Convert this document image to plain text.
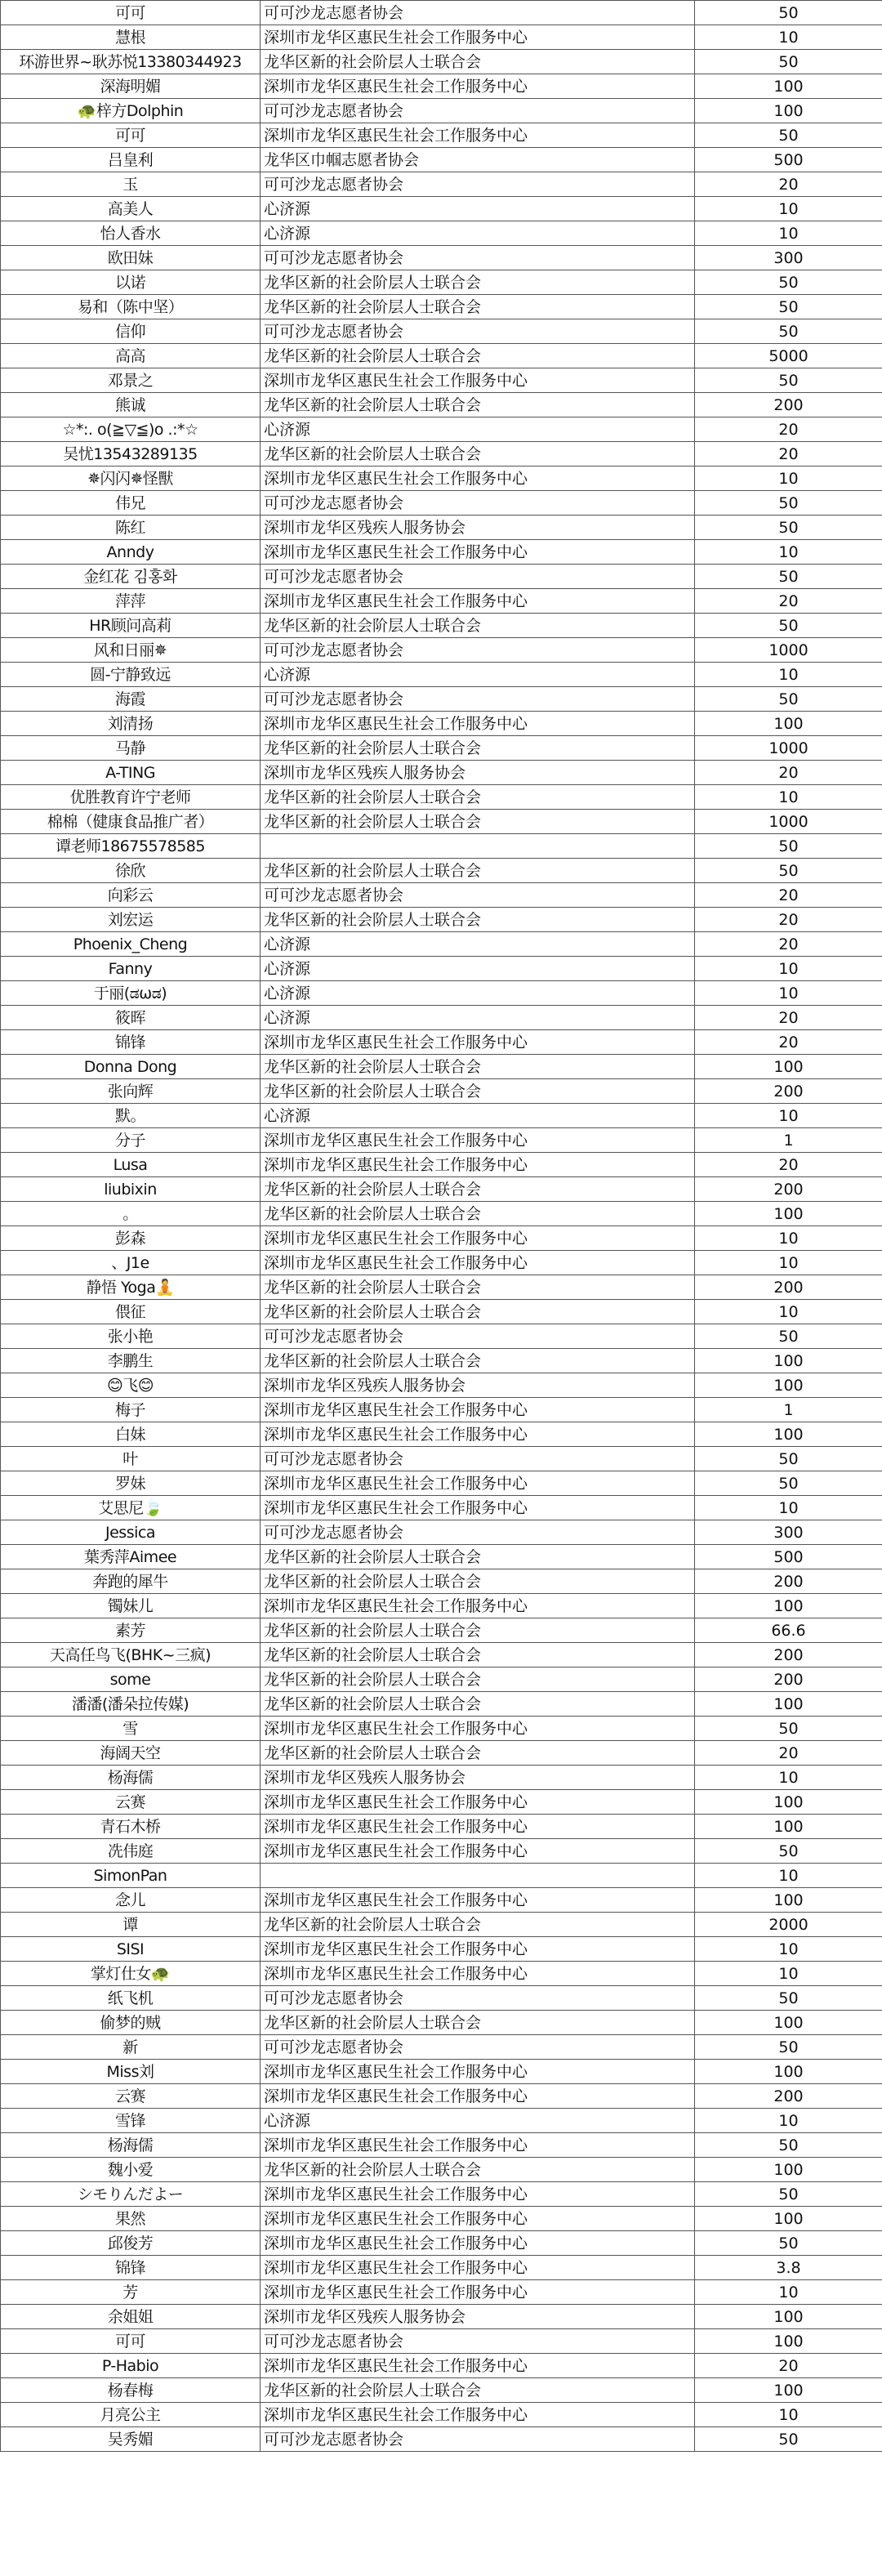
可可	可可沙龙志愿者协会	50
慧根	深圳市龙华区惠民生社会工作服务中心	10
环游世界~耿苏悦13380344923	龙华区新的社会阶层人士联合会	50
深海明媚	深圳市龙华区惠民生社会工作服务中心	100
🐢梓方Dolphin	可可沙龙志愿者协会	100
可可	深圳市龙华区惠民生社会工作服务中心	50
吕皇利	龙华区巾帼志愿者协会	500
玉	可可沙龙志愿者协会	20
高美人	心济源	10
怡人香水	心济源	10
欧田妹	可可沙龙志愿者协会	300
以诺	龙华区新的社会阶层人士联合会	50
易和（陈中坚）	龙华区新的社会阶层人士联合会	50
信仰	可可沙龙志愿者协会	50
高高	龙华区新的社会阶层人士联合会	5000
邓景之	深圳市龙华区惠民生社会工作服务中心	50
熊诚	龙华区新的社会阶层人士联合会	200
☆*:. o(≧▽≦)o .:*☆	心济源	20
吴忧13543289135	龙华区新的社会阶层人士联合会	20
✵闪闪✵怪獸	深圳市龙华区惠民生社会工作服务中心	10
伟兄	可可沙龙志愿者协会	50
陈红	深圳市龙华区残疾人服务协会	50
Anndy	深圳市龙华区惠民生社会工作服务中心	10
金红花 김홍화	可可沙龙志愿者协会	50
萍萍	深圳市龙华区惠民生社会工作服务中心	20
HR顾问高莉	龙华区新的社会阶层人士联合会	50
风和日丽✵	可可沙龙志愿者协会	1000
圆-宁静致远	心济源	10
海霞	可可沙龙志愿者协会	50
刘清扬	深圳市龙华区惠民生社会工作服务中心	100
马静	龙华区新的社会阶层人士联合会	1000
A-TING	深圳市龙华区残疾人服务协会	20
优胜教育许宁老师	龙华区新的社会阶层人士联合会	10
棉棉（健康食品推广者）	龙华区新的社会阶层人士联合会	1000
谭老师18675578585		50
徐欣	龙华区新的社会阶层人士联合会	50
向彩云	可可沙龙志愿者协会	20
刘宏运	龙华区新的社会阶层人士联合会	20
Phoenix_Cheng	心济源	20
Fanny	心济源	10
于丽(ಡωಡ)	心济源	10
筱晖	心济源	20
锦锋	深圳市龙华区惠民生社会工作服务中心	20
Donna Dong	龙华区新的社会阶层人士联合会	100
张向辉	龙华区新的社会阶层人士联合会	200
默。	心济源	10
分子	深圳市龙华区惠民生社会工作服务中心	1
Lusa	深圳市龙华区惠民生社会工作服务中心	20
liubixin	龙华区新的社会阶层人士联合会	200
。	龙华区新的社会阶层人士联合会	100
彭森	深圳市龙华区惠民生社会工作服务中心	10
、J1e	深圳市龙华区惠民生社会工作服务中心	10
静悟 Yoga🧘	龙华区新的社会阶层人士联合会	200
偎征	龙华区新的社会阶层人士联合会	10
张小艳	可可沙龙志愿者协会	50
李鹏生	龙华区新的社会阶层人士联合会	100
😊飞😊	深圳市龙华区残疾人服务协会	100
梅子	深圳市龙华区惠民生社会工作服务中心	1
白妹	深圳市龙华区惠民生社会工作服务中心	100
叶	可可沙龙志愿者协会	50
罗妹	深圳市龙华区惠民生社会工作服务中心	50
艾思尼🍃	深圳市龙华区惠民生社会工作服务中心	10
Jessica	可可沙龙志愿者协会	300
葉秀萍Aimee	龙华区新的社会阶层人士联合会	500
奔跑的犀牛	龙华区新的社会阶层人士联合会	200
镯妹儿	深圳市龙华区惠民生社会工作服务中心	100
素芳	龙华区新的社会阶层人士联合会	66.6
天高任鸟飞(BHK~三疯)	龙华区新的社会阶层人士联合会	200
some	龙华区新的社会阶层人士联合会	200
潘潘(潘朵拉传媒)	龙华区新的社会阶层人士联合会	100
雪	深圳市龙华区惠民生社会工作服务中心	50
海阔天空	龙华区新的社会阶层人士联合会	20
杨海儒	深圳市龙华区残疾人服务协会	10
云赛	深圳市龙华区惠民生社会工作服务中心	100
青石木桥	深圳市龙华区惠民生社会工作服务中心	100
冼伟庭	深圳市龙华区惠民生社会工作服务中心	50
SimonPan		10
念儿	深圳市龙华区惠民生社会工作服务中心	100
谭	龙华区新的社会阶层人士联合会	2000
SISI	深圳市龙华区惠民生社会工作服务中心	10
掌灯仕女🐢	深圳市龙华区惠民生社会工作服务中心	10
纸飞机	可可沙龙志愿者协会	50
偷梦的贼	龙华区新的社会阶层人士联合会	100
新	可可沙龙志愿者协会	50
Miss刘	深圳市龙华区惠民生社会工作服务中心	100
云赛	深圳市龙华区惠民生社会工作服务中心	200
雪锋	心济源	10
杨海儒	深圳市龙华区惠民生社会工作服务中心	50
魏小爱	龙华区新的社会阶层人士联合会	100
シモりんだよー	深圳市龙华区惠民生社会工作服务中心	50
果然	深圳市龙华区惠民生社会工作服务中心	100
邱俊芳	深圳市龙华区惠民生社会工作服务中心	50
锦锋	深圳市龙华区惠民生社会工作服务中心	3.8
芳	深圳市龙华区惠民生社会工作服务中心	10
余姐姐	深圳市龙华区残疾人服务协会	100
可可	可可沙龙志愿者协会	100
P-Habio	深圳市龙华区惠民生社会工作服务中心	20
杨春梅	龙华区新的社会阶层人士联合会	100
月亮公主	深圳市龙华区惠民生社会工作服务中心	10
吴秀媚	可可沙龙志愿者协会	50
